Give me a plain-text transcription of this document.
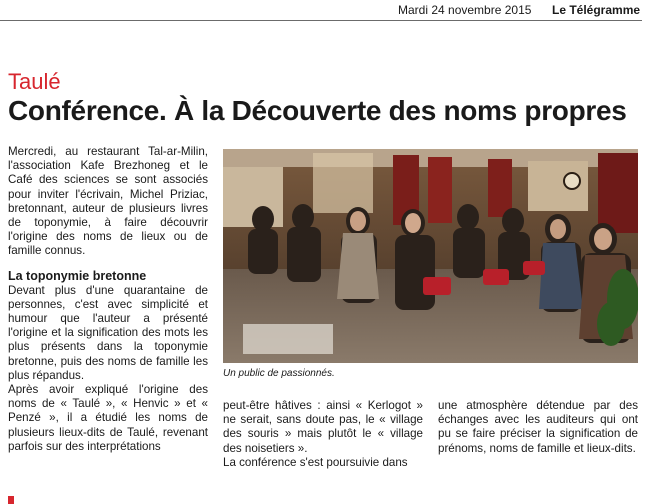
Mardi 24 novembre 2015 Le Télégramme
Taulé
Conférence. À la Découverte des noms propres

Mercredi, au restaurant Tal-ar-Milin, l'association Kafe Brezhoneg et le Café des sciences se sont associés pour inviter l'écrivain, Michel Priziac, bretonnant, auteur de plusieurs livres de toponymie, à faire découvrir l'origine des noms de lieux ou de famille connus.

La toponymie bretonne

Devant plus d'une quarantaine de personnes, c'est avec simplicité et humour que l'auteur a présenté l'origine et la signification des mots les plus présents dans la toponymie bretonne, puis des noms de famille les plus répandus.

Après avoir expliqué l'origine des noms de « Taulé », « Henvic » et « Penzé », il a étudié les noms de plusieurs lieux-dits de Taulé, revenant parfois sur des interprétations

Un public de passionnés.

peut-être hâtives : ainsi « Kerlogot » ne serait, sans doute pas, le « village des souris » mais plutôt le « village des noisetiers ».

La conférence s'est poursuivie dans

une atmosphère détendue par des échanges avec les auditeurs qui ont pu se faire préciser la signification de prénoms, noms de famille et lieux-dits.
